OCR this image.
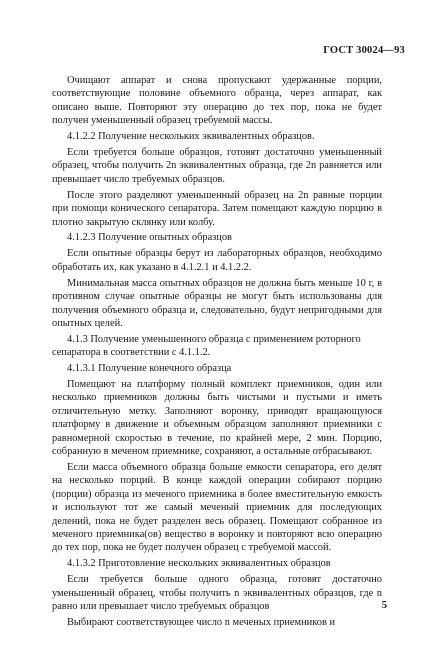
ГОСТ 30024—93

Очищают аппарат и снова пропускают удержанные порции, соответствующие половине объемного образца, через аппарат, как описано выше. Повторяют эту операцию до тех пор, пока не будет получен уменьшенный образец требуемой массы.

4.1.2.2 Получение нескольких эквивалентных образцов.

Если требуется больше образцов, готовят достаточно уменьшенный образец, чтобы получить 2n эквивалентных образца, где 2n равняется или превышает число требуемых образцов.

После этого разделяют уменьшенный образец на 2n равные порции при помощи конического сепаратора. Затем помещают каждую порцию в плотно закрытую склянку или колбу.

4.1.2.3 Получение опытных образцов

Если опытные образцы берут из лабораторных образцов, необходимо обработать их, как указано в 4.1.2.1 и 4.1.2.2.

Минимальная масса опытных образцов не должна быть меньше 10 г, в противном случае опытные образцы не могут быть использованы для получения объемного образца и, следовательно, будут непригодными для опытных целей.

4.1.3 Получение уменьшенного образца с применением роторного сепаратора в соответствии с 4.1.1.2.

4.1.3.1 Получение конечного образца

Помещают на платформу полный комплект приемников, один или несколько приемников должны быть чистыми и пустыми и иметь отличительную метку. Заполняют воронку, приводят вращающуюся платформу в движение и объемным образцом заполняют приемники с равномерной скоростью в течение, по крайней мере, 2 мин. Порцию, собранную в меченом приемнике, сохраняют, а остальные отбрасывают.

Если масса объемного образца больше емкости сепаратора, его делят на несколько порций. В конце каждой операции собирают порцию (порции) образца из меченого приемника в более вместительную емкость и используют тот же самый меченый приемник для последующих делений, пока не будет разделен весь образец. Помещают собранное из меченого приемника(ов) вещество в воронку и повторяют всю операцию до тех пор, пока не будет получен образец с требуемой массой.

4.1.3.2 Приготовление нескольких эквивалентных образцов

Если требуется больше одного образца, готовят достаточно уменьшенный образец, чтобы получить n эквивалентных образцов, где n равно или превышает число требуемых образцов

Выбирают соответствующее число n меченых приемников и

5
